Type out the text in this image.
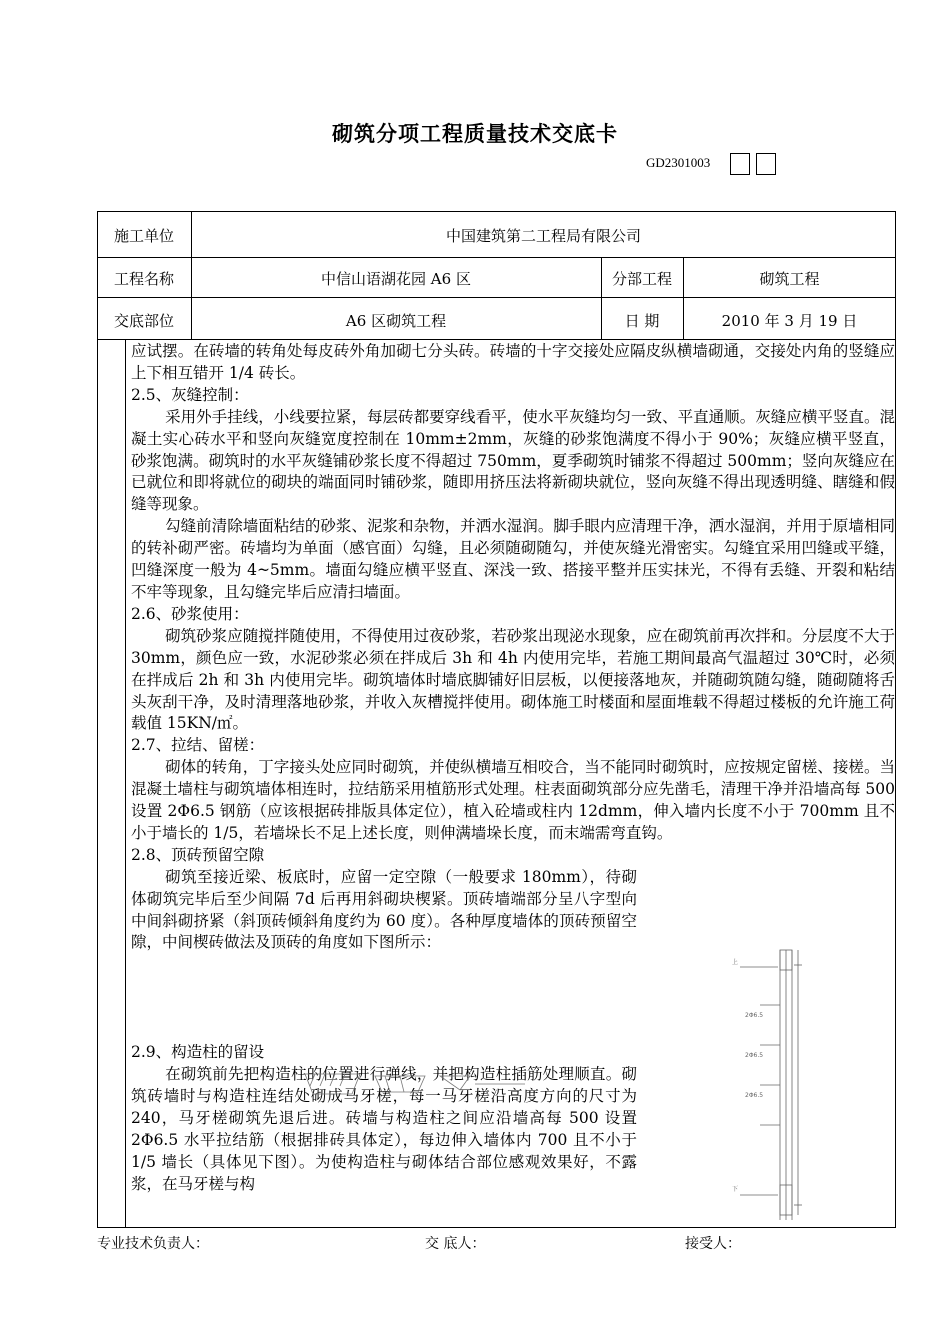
砌筑分项工程质量技术交底卡
GD2301003
施工单位	中国建筑第二工程局有限公司
工程名称	中信山语湖花园 A6 区	分部工程	砌筑工程
交底部位	A6 区砌筑工程	日 期	2010 年 3 月 19 日

应试摆。在砖墙的转角处每皮砖外角加砌七分头砖。砖墙的十字交接处应隔皮纵横墙砌通，交接处内角的竖缝应上下相互错开 1/4 砖长。

2.5、灰缝控制：

采用外手挂线，小线要拉紧，每层砖都要穿线看平，使水平灰缝均匀一致、平直通顺。灰缝应横平竖直。混凝土实心砖水平和竖向灰缝宽度控制在 10mm±2mm，灰缝的砂浆饱满度不得小于 90%；灰缝应横平竖直，砂浆饱满。砌筑时的水平灰缝铺砂浆长度不得超过 750mm，夏季砌筑时铺浆不得超过 500mm；竖向灰缝应在已就位和即将就位的砌块的端面同时铺砂浆，随即用挤压法将新砌块就位，竖向灰缝不得出现透明缝、瞎缝和假缝等现象。

勾缝前清除墙面粘结的砂浆、泥浆和杂物，并洒水湿润。脚手眼内应清理干净，洒水湿润，并用于原墙相同的转补砌严密。砖墙均为单面（感官面）勾缝，且必须随砌随勾，并使灰缝光滑密实。勾缝宜采用凹缝或平缝，凹缝深度一般为 4~5mm。墙面勾缝应横平竖直、深浅一致、搭接平整并压实抹光，不得有丢缝、开裂和粘结不牢等现象，且勾缝完毕后应清扫墙面。

2.6、砂浆使用：

砌筑砂浆应随搅拌随使用，不得使用过夜砂浆，若砂浆出现泌水现象，应在砌筑前再次拌和。分层度不大于 30mm，颜色应一致，水泥砂浆必须在拌成后 3h 和 4h 内使用完毕，若施工期间最高气温超过 30℃时，必须在拌成后 2h 和 3h 内使用完毕。砌筑墙体时墙底脚铺好旧层板，以便接落地灰，并随砌筑随勾缝，随砌随将舌头灰刮干净，及时清理落地砂浆，并收入灰槽搅拌使用。砌体施工时楼面和屋面堆载不得超过楼板的允许施工荷载值 15KN/㎡。

2.7、拉结、留槎：

砌体的转角，丁字接头处应同时砌筑，并使纵横墙互相咬合，当不能同时砌筑时，应按规定留槎、接槎。当混凝土墙柱与砌筑墙体相连时，拉结筋采用植筋形式处理。柱表面砌筑部分应先凿毛，清理干净并沿墙高每 500 设置 2Φ6.5 钢筋（应该根据砖排版具体定位），植入砼墙或柱内 12dmm，伸入墙内长度不小于 700mm 且不小于墙长的 1/5，若墙垛长不足上述长度，则伸满墙垛长度，而末端需弯直钩。

2.8、顶砖预留空隙

砌筑至接近梁、板底时，应留一定空隙（一般要求 180mm），待砌体砌筑完毕后至少间隔 7d 后再用斜砌块楔紧。顶砖墙端部分呈八字型向中间斜砌挤紧（斜顶砖倾斜角度约为 60 度）。各种厚度墙体的顶砖预留空隙，中间楔砖做法及顶砖的角度如下图所示：

2.9、构造柱的留设

在砌筑前先把构造柱的位置进行弹线，并把构造柱插筋处理顺直。砌筑砖墙时与构造柱连结处砌成马牙槎，每一马牙槎沿高度方向的尺寸为 240，马牙槎砌筑先退后进。砖墙与构造柱之间应沿墙高每 500 设置 2Φ6.5 水平拉结筋（根据排砖具体定），每边伸入墙体内 700 且不小于 1/5 墙长（具体见下图）。为使构造柱与砌体结合部位感观效果好，不露浆，在马牙槎与构

上
2Φ6.5
2Φ6.5
2Φ6.5
下
专业技术负责人：	交 底人：	接受人：
